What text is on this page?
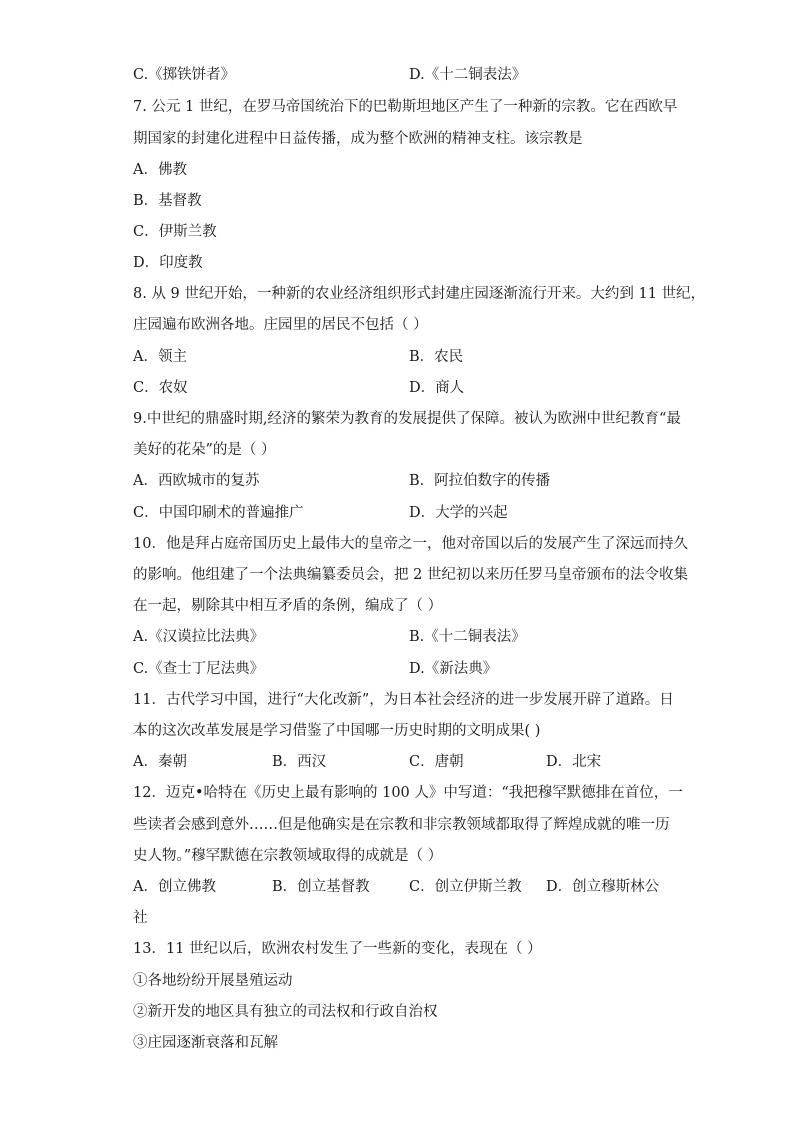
C.《掷铁饼者》	D.《十二铜表法》
7. 公元 1 世纪，在罗马帝国统治下的巴勒斯坦地区产生了一种新的宗教。它在西欧早
期国家的封建化进程中日益传播，成为整个欧洲的精神支柱。该宗教是
A．佛教
B．基督教
C．伊斯兰教
D．印度教
8. 从 9 世纪开始，一种新的农业经济组织形式封建庄园逐渐流行开来。大约到 11 世纪，
庄园遍布欧洲各地。庄园里的居民不包括（ ）
A．领主	B．农民
C．农奴	D．商人
9.中世纪的鼎盛时期,经济的繁荣为教育的发展提供了保障。被认为欧洲中世纪教育“最
美好的花朵”的是（ ）
A．西欧城市的复苏	B．阿拉伯数字的传播
C．中国印刷术的普遍推广	D．大学的兴起
10．他是拜占庭帝国历史上最伟大的皇帝之一，他对帝国以后的发展产生了深远而持久
的影响。他组建了一个法典编纂委员会，把 2 世纪初以来历任罗马皇帝颁布的法令收集
在一起，剔除其中相互矛盾的条例，编成了（ ）
A.《汉谟拉比法典》	B.《十二铜表法》
C.《查士丁尼法典》	D.《新法典》
11．古代学习中国，进行“大化改新”，为日本社会经济的进一步发展开辟了道路。日
本的这次改革发展是学习借鉴了中国哪一历史时期的文明成果( )
A．秦朝	B．西汉	C．唐朝	D．北宋
12．迈克•哈特在《历史上最有影响的 100 人》中写道：“我把穆罕默德排在首位，一
些读者会感到意外……但是他确实是在宗教和非宗教领域都取得了辉煌成就的唯一历
史人物。”穆罕默德在宗教领域取得的成就是（ ）
A．创立佛教	B．创立基督教	C．创立伊斯兰教 D．创立穆斯林公
社
13．11 世纪以后，欧洲农村发生了一些新的变化，表现在（ ）
①各地纷纷开展垦殖运动
②新开发的地区具有独立的司法权和行政自治权
③庄园逐渐衰落和瓦解
